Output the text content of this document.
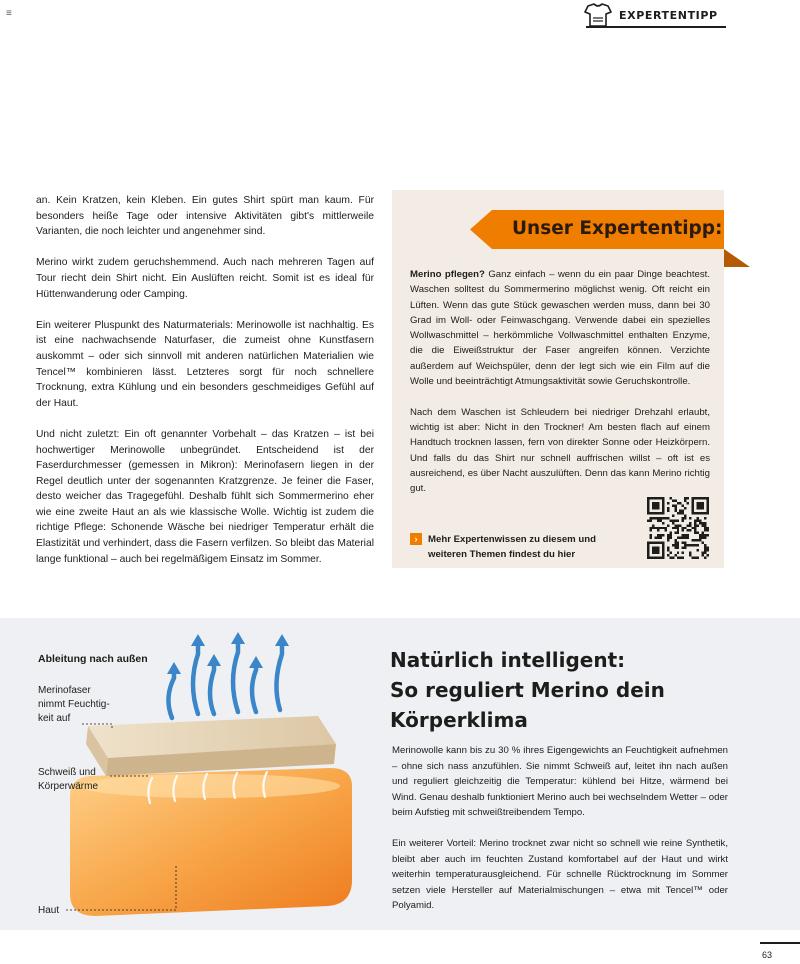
≡	EXPERTENTIPP

an. Kein Kratzen, kein Kleben. Ein gutes Shirt spürt man kaum. Für besonders heiße Tage oder intensive Aktivitäten gibt's mittlerweile Varianten, die noch leichter und angenehmer sind.

Merino wirkt zudem geruchshemmend. Auch nach mehreren Tagen auf Tour riecht dein Shirt nicht. Ein Auslüften reicht. Somit ist es ideal für Hüttenwanderung oder Camping.

Ein weiterer Pluspunkt des Naturmaterials: Merinowolle ist nachhaltig. Es ist eine nachwachsende Naturfaser, die zumeist ohne Kunstfasern auskommt – oder sich sinnvoll mit anderen natürlichen Materialien wie Tencel™ kombinieren lässt. Letzteres sorgt für noch schnellere Trocknung, extra Kühlung und ein besonders geschmeidiges Gefühl auf der Haut.

Und nicht zuletzt: Ein oft genannter Vorbehalt – das Kratzen – ist bei hochwertiger Merinowolle unbegründet. Entscheidend ist der Faserdurchmesser (gemessen in Mikron): Merinofasern liegen in der Regel deutlich unter der sogenannten Kratzgrenze. Je feiner die Faser, desto weicher das Tragegefühl. Deshalb fühlt sich Sommermerino eher wie eine zweite Haut an als wie klassische Wolle. Wichtig ist zudem die richtige Pflege: Schonende Wäsche bei niedriger Temperatur erhält die Elastizität und verhindert, dass die Fasern verfilzen. So bleibt das Material lange funktional – auch bei regelmäßigem Einsatz im Sommer.

Unser Expertentipp:

Merino pflegen? Ganz einfach – wenn du ein paar Dinge beachtest. Waschen solltest du Sommermerino möglichst wenig. Oft reicht ein Lüften. Wenn das gute Stück gewaschen werden muss, dann bei 30 Grad im Woll- oder Feinwaschgang. Verwende dabei ein spezielles Wollwaschmittel – herkömmliche Vollwaschmittel enthalten Enzyme, die die Eiweißstruktur der Faser angreifen können. Verzichte außerdem auf Weichspüler, denn der legt sich wie ein Film auf die Wolle und beeinträchtigt Atmungsaktivität sowie Geruchskontrolle.

Nach dem Waschen ist Schleudern bei niedriger Drehzahl erlaubt, wichtig ist aber: Nicht in den Trockner! Am besten flach auf einem Handtuch trocknen lassen, fern von direkter Sonne oder Heizkörpern. Und falls du das Shirt nur schnell auffrischen willst – oft ist es ausreichend, es über Nacht auszulüften. Denn das kann Merino richtig gut.

›	Mehr Expertenwissen zu diesem und weiteren Themen findest du hier
Ableitung nach außen
Merinofaser
nimmt Feuchtig-
keit auf
Schweiß und
Körperwärme
Haut
Natürlich intelligent:
So reguliert Merino dein
Körperklima

Merinowolle kann bis zu 30 % ihres Eigengewichts an Feuchtigkeit aufnehmen – ohne sich nass anzufühlen. Sie nimmt Schweiß auf, leitet ihn nach außen und reguliert gleichzeitig die Temperatur: kühlend bei Hitze, wärmend bei Wind. Genau deshalb funktioniert Merino auch bei wechselndem Wetter – oder beim Aufstieg mit schweißtreibendem Tempo.

Ein weiterer Vorteil: Merino trocknet zwar nicht so schnell wie reine Synthetik, bleibt aber auch im feuchten Zustand komfortabel auf der Haut und wirkt weiterhin temperaturausgleichend. Für schnelle Rücktrocknung im Sommer setzen viele Hersteller auf Materialmischungen – etwa mit Tencel™ oder Polyamid.

63
